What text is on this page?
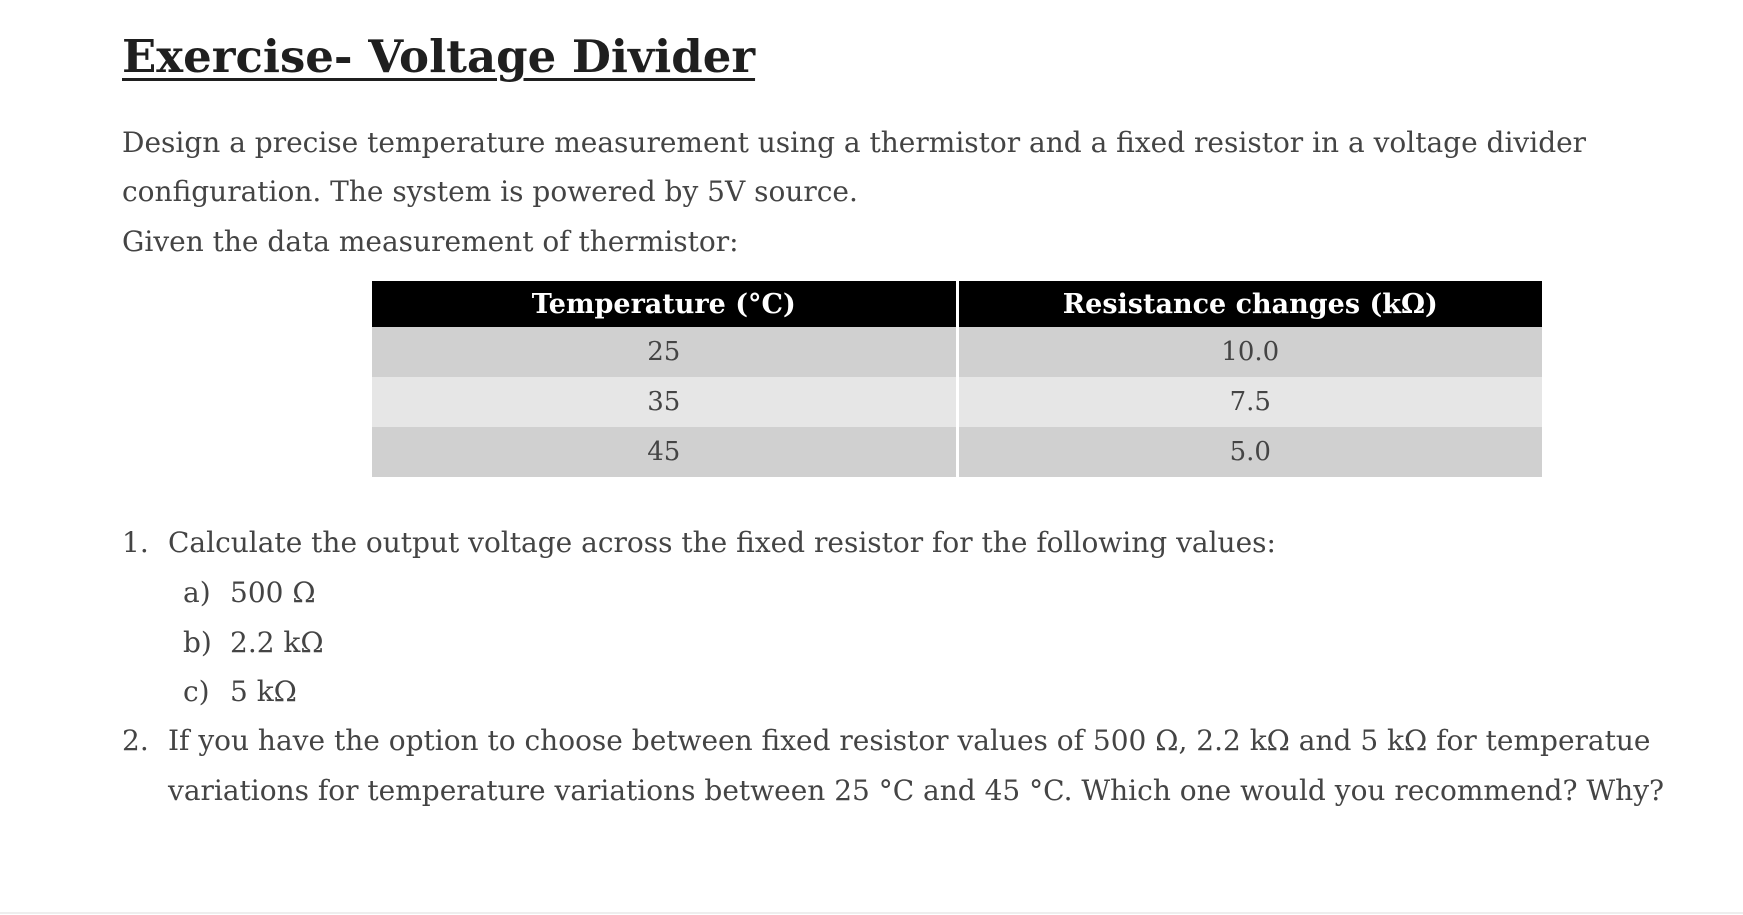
Exercise- Voltage Divider
Design a precise temperature measurement using a thermistor and a fixed resistor in a voltage divider
configuration. The system is powered by 5V source.
Given the data measurement of thermistor:
Temperature (°C)	Resistance changes (kΩ)
25	10.0
35	7.5
45	5.0
1. Calculate the output voltage across the fixed resistor for the following values:
a) 500 Ω
b) 2.2 kΩ
c) 5 kΩ
2. If you have the option to choose between fixed resistor values of 500 Ω, 2.2 kΩ and 5 kΩ for temperatue
variations for temperature variations between 25 °C and 45 °C. Which one would you recommend? Why?
